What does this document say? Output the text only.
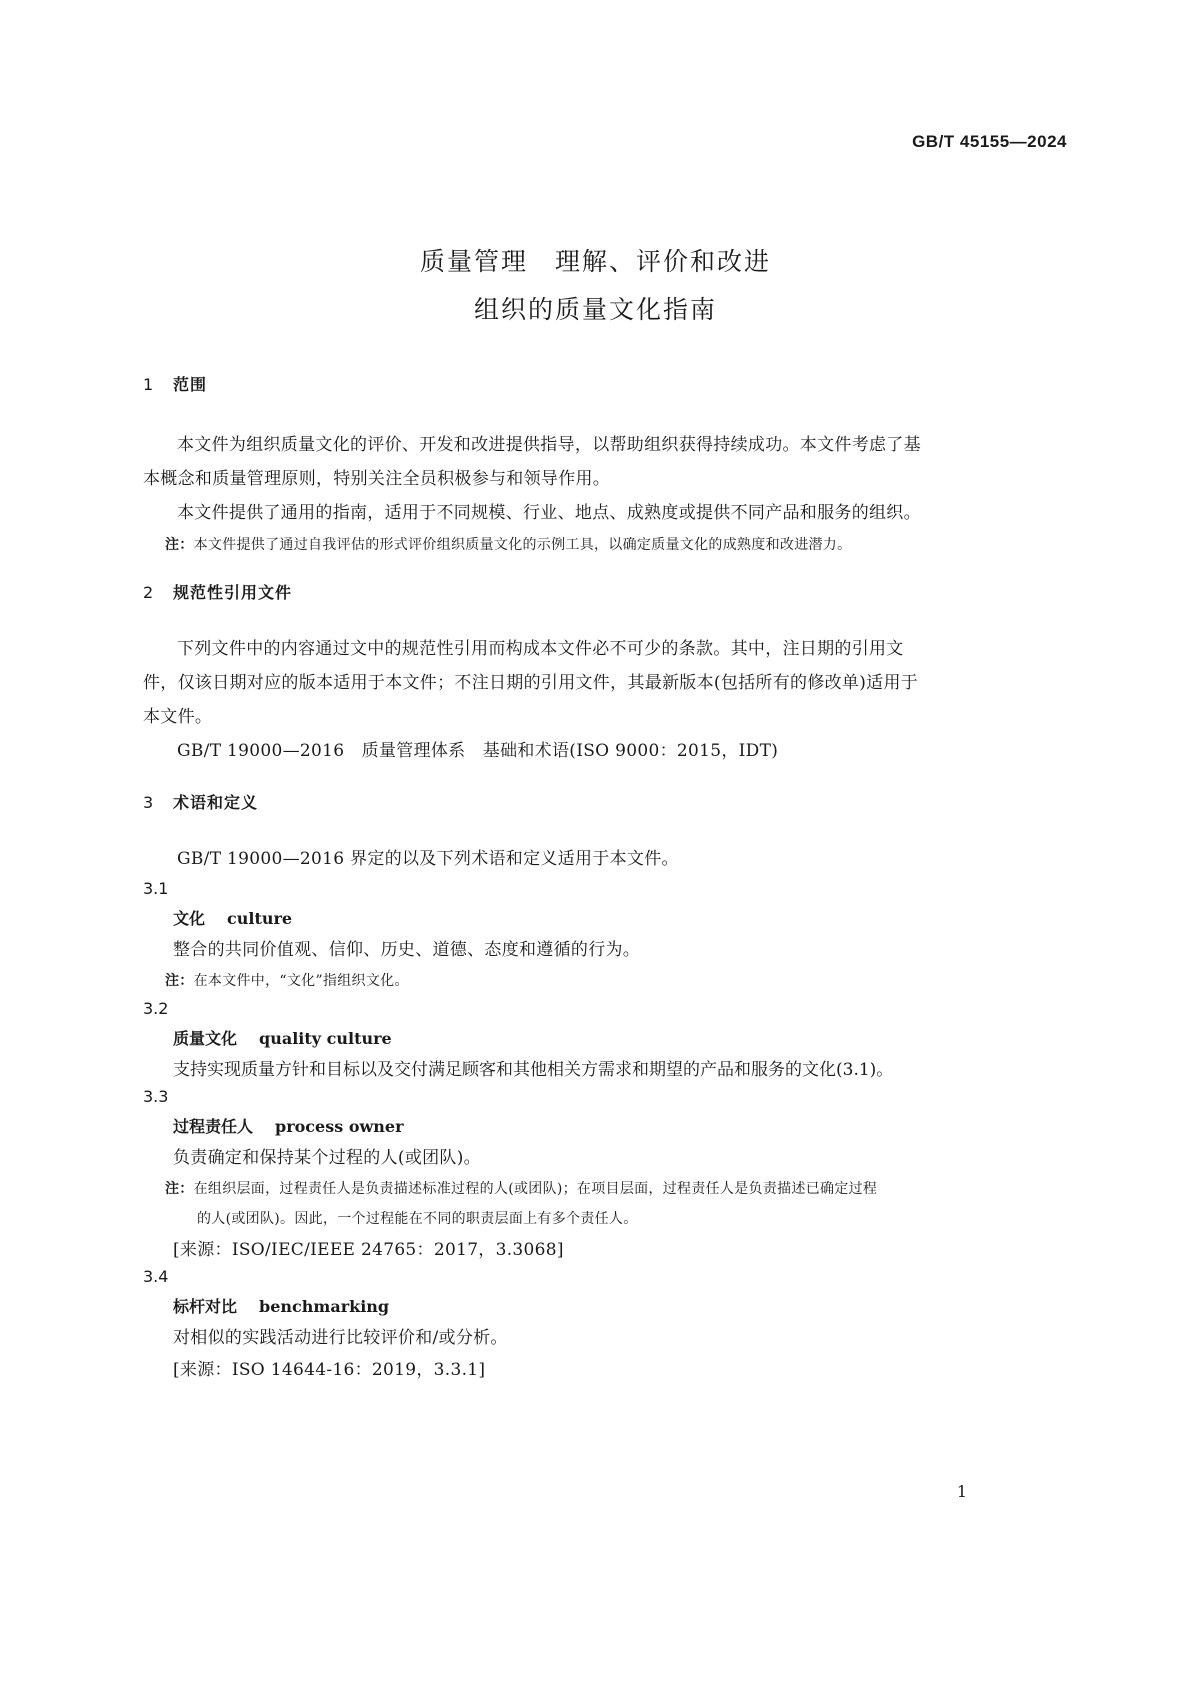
GB/T 45155—2024
质量管理　理解、评价和改进
组织的质量文化指南
1 范围
本文件为组织质量文化的评价、开发和改进提供指导，以帮助组织获得持续成功。本文件考虑了基
本概念和质量管理原则，特别关注全员积极参与和领导作用。
本文件提供了通用的指南，适用于不同规模、行业、地点、成熟度或提供不同产品和服务的组织。
注：本文件提供了通过自我评估的形式评价组织质量文化的示例工具，以确定质量文化的成熟度和改进潜力。
2 规范性引用文件
下列文件中的内容通过文中的规范性引用而构成本文件必不可少的条款。其中，注日期的引用文
件，仅该日期对应的版本适用于本文件；不注日期的引用文件，其最新版本(包括所有的修改单)适用于
本文件。
GB/T 19000—2016　质量管理体系　基础和术语(ISO 9000：2015，IDT)
3 术语和定义
GB/T 19000—2016 界定的以及下列术语和定义适用于本文件。
3.1
文化 culture
整合的共同价值观、信仰、历史、道德、态度和遵循的行为。
注：在本文件中，“文化”指组织文化。
3.2
质量文化 quality culture
支持实现质量方针和目标以及交付满足顾客和其他相关方需求和期望的产品和服务的文化(3.1)。
3.3
过程责任人 process owner
负责确定和保持某个过程的人(或团队)。
注：在组织层面，过程责任人是负责描述标准过程的人(或团队)；在项目层面，过程责任人是负责描述已确定过程
的人(或团队)。因此，一个过程能在不同的职责层面上有多个责任人。
[来源：ISO/IEC/IEEE 24765：2017，3.3068]
3.4
标杆对比 benchmarking
对相似的实践活动进行比较评价和/或分析。
[来源：ISO 14644-16：2019，3.3.1]
1
